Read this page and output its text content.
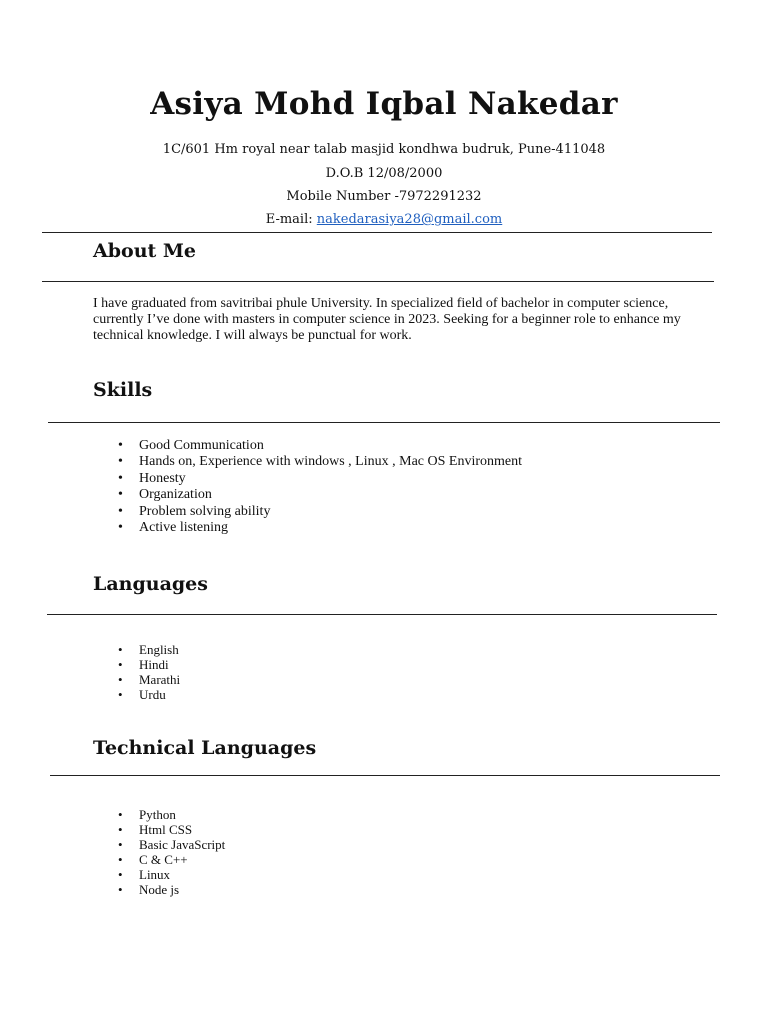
Asiya Mohd Iqbal Nakedar
1C/601 Hm royal near talab masjid kondhwa budruk, Pune-411048
D.O.B 12/08/2000
Mobile Number -7972291232
E-mail: nakedarasiya28@gmail.com
About Me
I have graduated from savitribai phule University. In specialized field of bachelor in computer science, currently I’ve done with masters in computer science in 2023. Seeking for a beginner role to enhance my technical knowledge. I will always be punctual for work.
Skills
• Good Communication
• Hands on, Experience with windows , Linux , Mac OS Environment
• Honesty
• Organization
• Problem solving ability
• Active listening
Languages
• English
• Hindi
• Marathi
• Urdu
Technical Languages
• Python
• Html CSS
• Basic JavaScript
• C & C++
• Linux
• Node js
